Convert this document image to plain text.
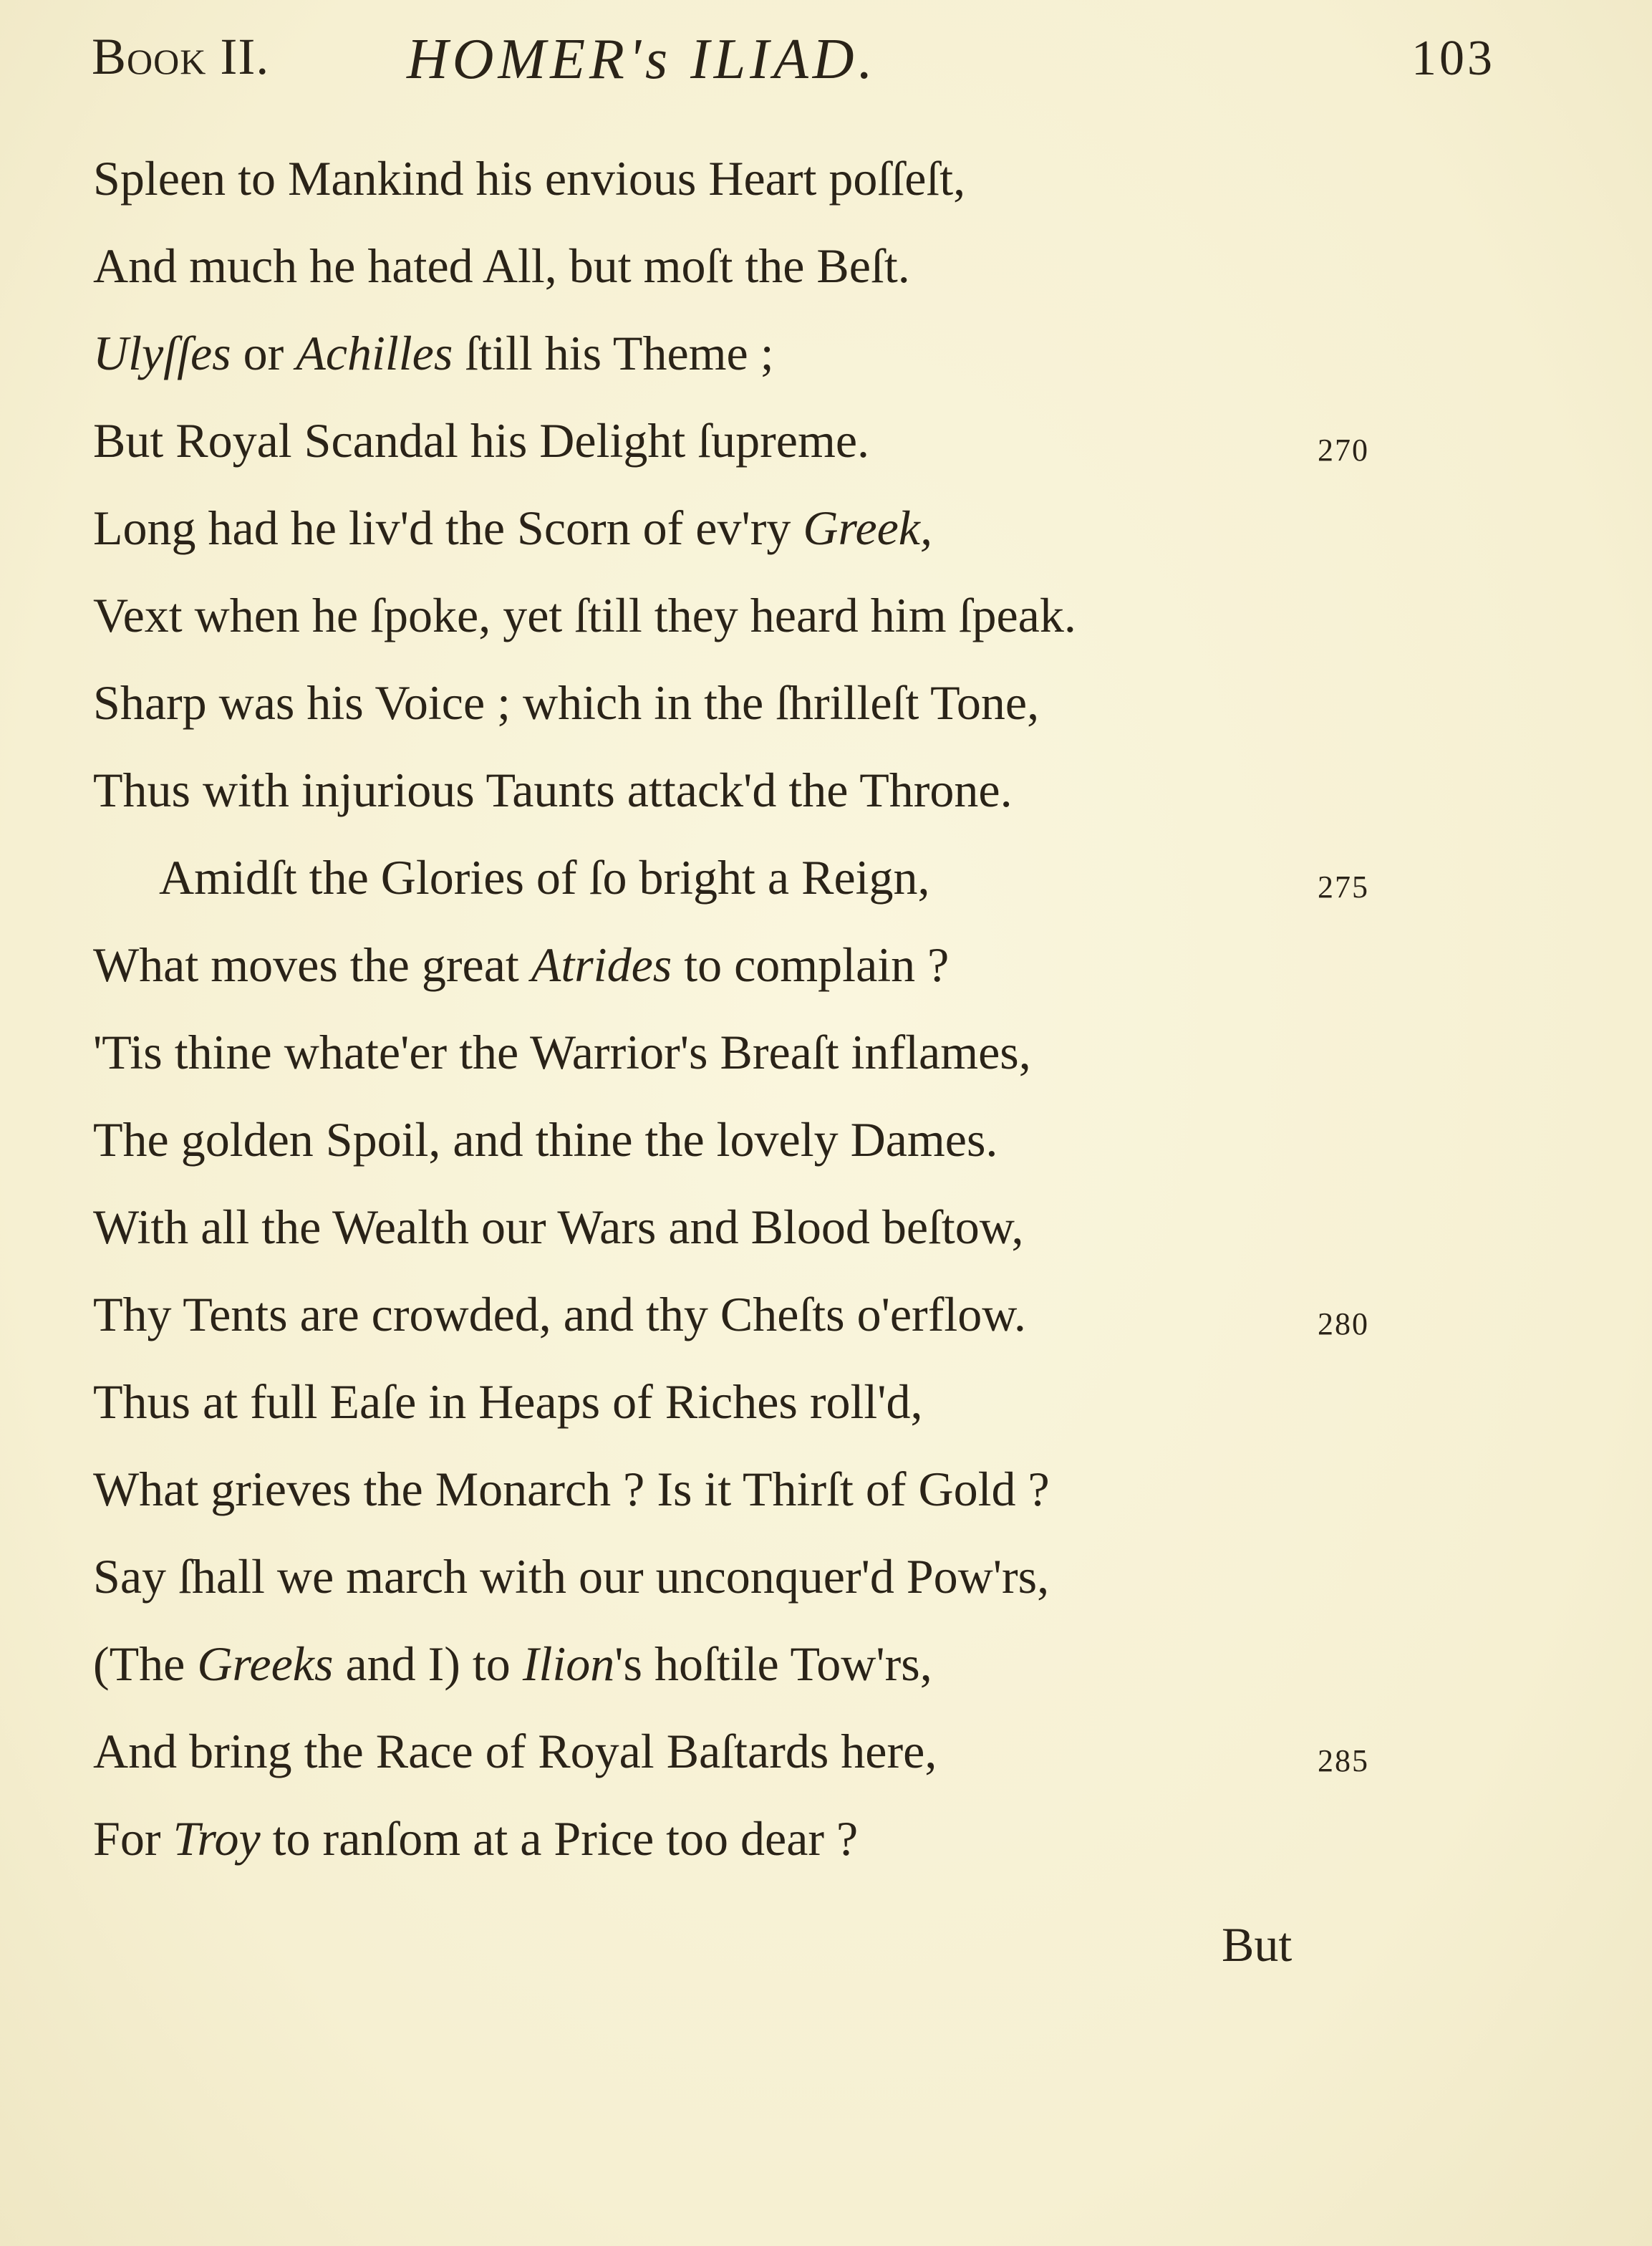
Book II. HOMER's ILIAD.	103
Spleen to Mankind his envious Heart poſſeſt,
And much he hated All, but moſt the Beſt.
Ulyſſes or Achilles ſtill his Theme ;
But Royal Scandal his Delight ſupreme.	270
Long had he liv'd the Scorn of ev'ry Greek,
Vext when he ſpoke, yet ſtill they heard him ſpeak.
Sharp was his Voice ; which in the ſhrilleſt Tone,
Thus with injurious Taunts attack'd the Throne.
Amidſt the Glories of ſo bright a Reign,	275
What moves the great Atrides to complain ?
'Tis thine whate'er the Warrior's Breaſt inflames,
The golden Spoil, and thine the lovely Dames.
With all the Wealth our Wars and Blood beſtow,
Thy Tents are crowded, and thy Cheſts o'erflow.	280
Thus at full Eaſe in Heaps of Riches roll'd,
What grieves the Monarch ? Is it Thirſt of Gold ?
Say ſhall we march with our unconquer'd Pow'rs,
(The Greeks and I) to Ilion's hoſtile Tow'rs,
And bring the Race of Royal Baſtards here,	285
For Troy to ranſom at a Price too dear ?
But
